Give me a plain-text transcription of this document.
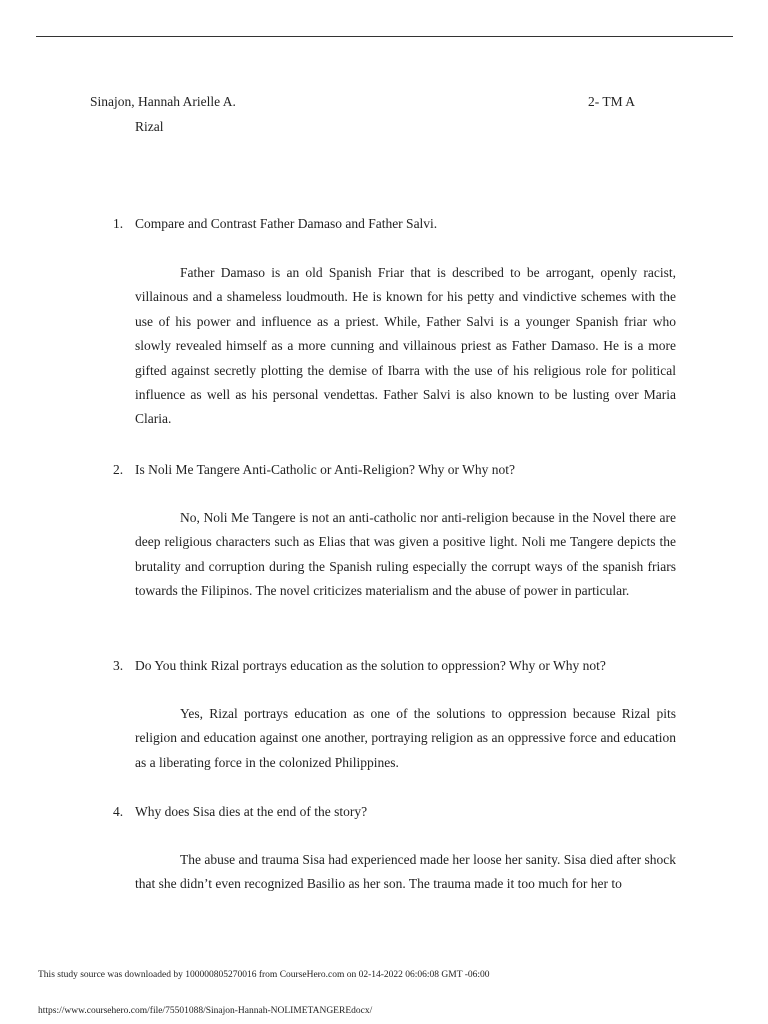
Sinajon, Hannah Arielle A.	2- TM A
Rizal
1. Compare and Contrast Father Damaso and Father Salvi.

Father Damaso is an old Spanish Friar that is described to be arrogant, openly racist, villainous and a shameless loudmouth. He is known for his petty and vindictive schemes with the use of his power and influence as a priest. While, Father Salvi is a younger Spanish friar who slowly revealed himself as a more cunning and villainous priest as Father Damaso. He is a more gifted against secretly plotting the demise of Ibarra with the use of his religious role for political influence as well as his personal vendettas. Father Salvi is also known to be lusting over Maria Claria.

2. Is Noli Me Tangere Anti-Catholic or Anti-Religion? Why or Why not?

No, Noli Me Tangere is not an anti-catholic nor anti-religion because in the Novel there are deep religious characters such as Elias that was given a positive light. Noli me Tangere depicts the brutality and corruption during the Spanish ruling especially the corrupt ways of the spanish friars towards the Filipinos. The novel criticizes materialism and the abuse of power in particular.

3. Do You think Rizal portrays education as the solution to oppression? Why or Why not?

Yes, Rizal portrays education as one of the solutions to oppression because Rizal pits religion and education against one another, portraying religion as an oppressive force and education as a liberating force in the colonized Philippines.

4. Why does Sisa dies at the end of the story?

The abuse and trauma Sisa had experienced made her loose her sanity. Sisa died after shock that she didn’t even recognized Basilio as her son. The trauma made it too much for her to

This study source was downloaded by 100000805270016 from CourseHero.com on 02-14-2022 06:06:08 GMT -06:00
https://www.coursehero.com/file/75501088/Sinajon-Hannah-NOLIMETANGEREdocx/
